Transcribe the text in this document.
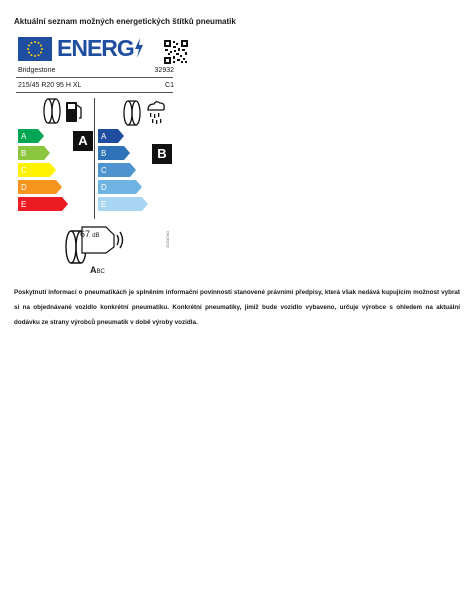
Aktuální seznam možných energetických štítků pneumatik
ENERG
Bridgestone	32932
215/45 R20 95 H XL	C1
A
B
C
D
E
A	A
B
C
D
E
B
67 dB
ABC
2020/740
Poskytnutí informací o pneumatikách je splněním informační povinnosti stanovené právními předpisy, která však nedává kupujícím možnost vybrat si na objednávané vozidlo konkrétní pneumatiku. Konkrétní pneumatiky, jimiž bude vozidlo vybaveno, určuje výrobce s ohledem na aktuální dodávku ze strany výrobců pneumatik v době výroby vozidla.
